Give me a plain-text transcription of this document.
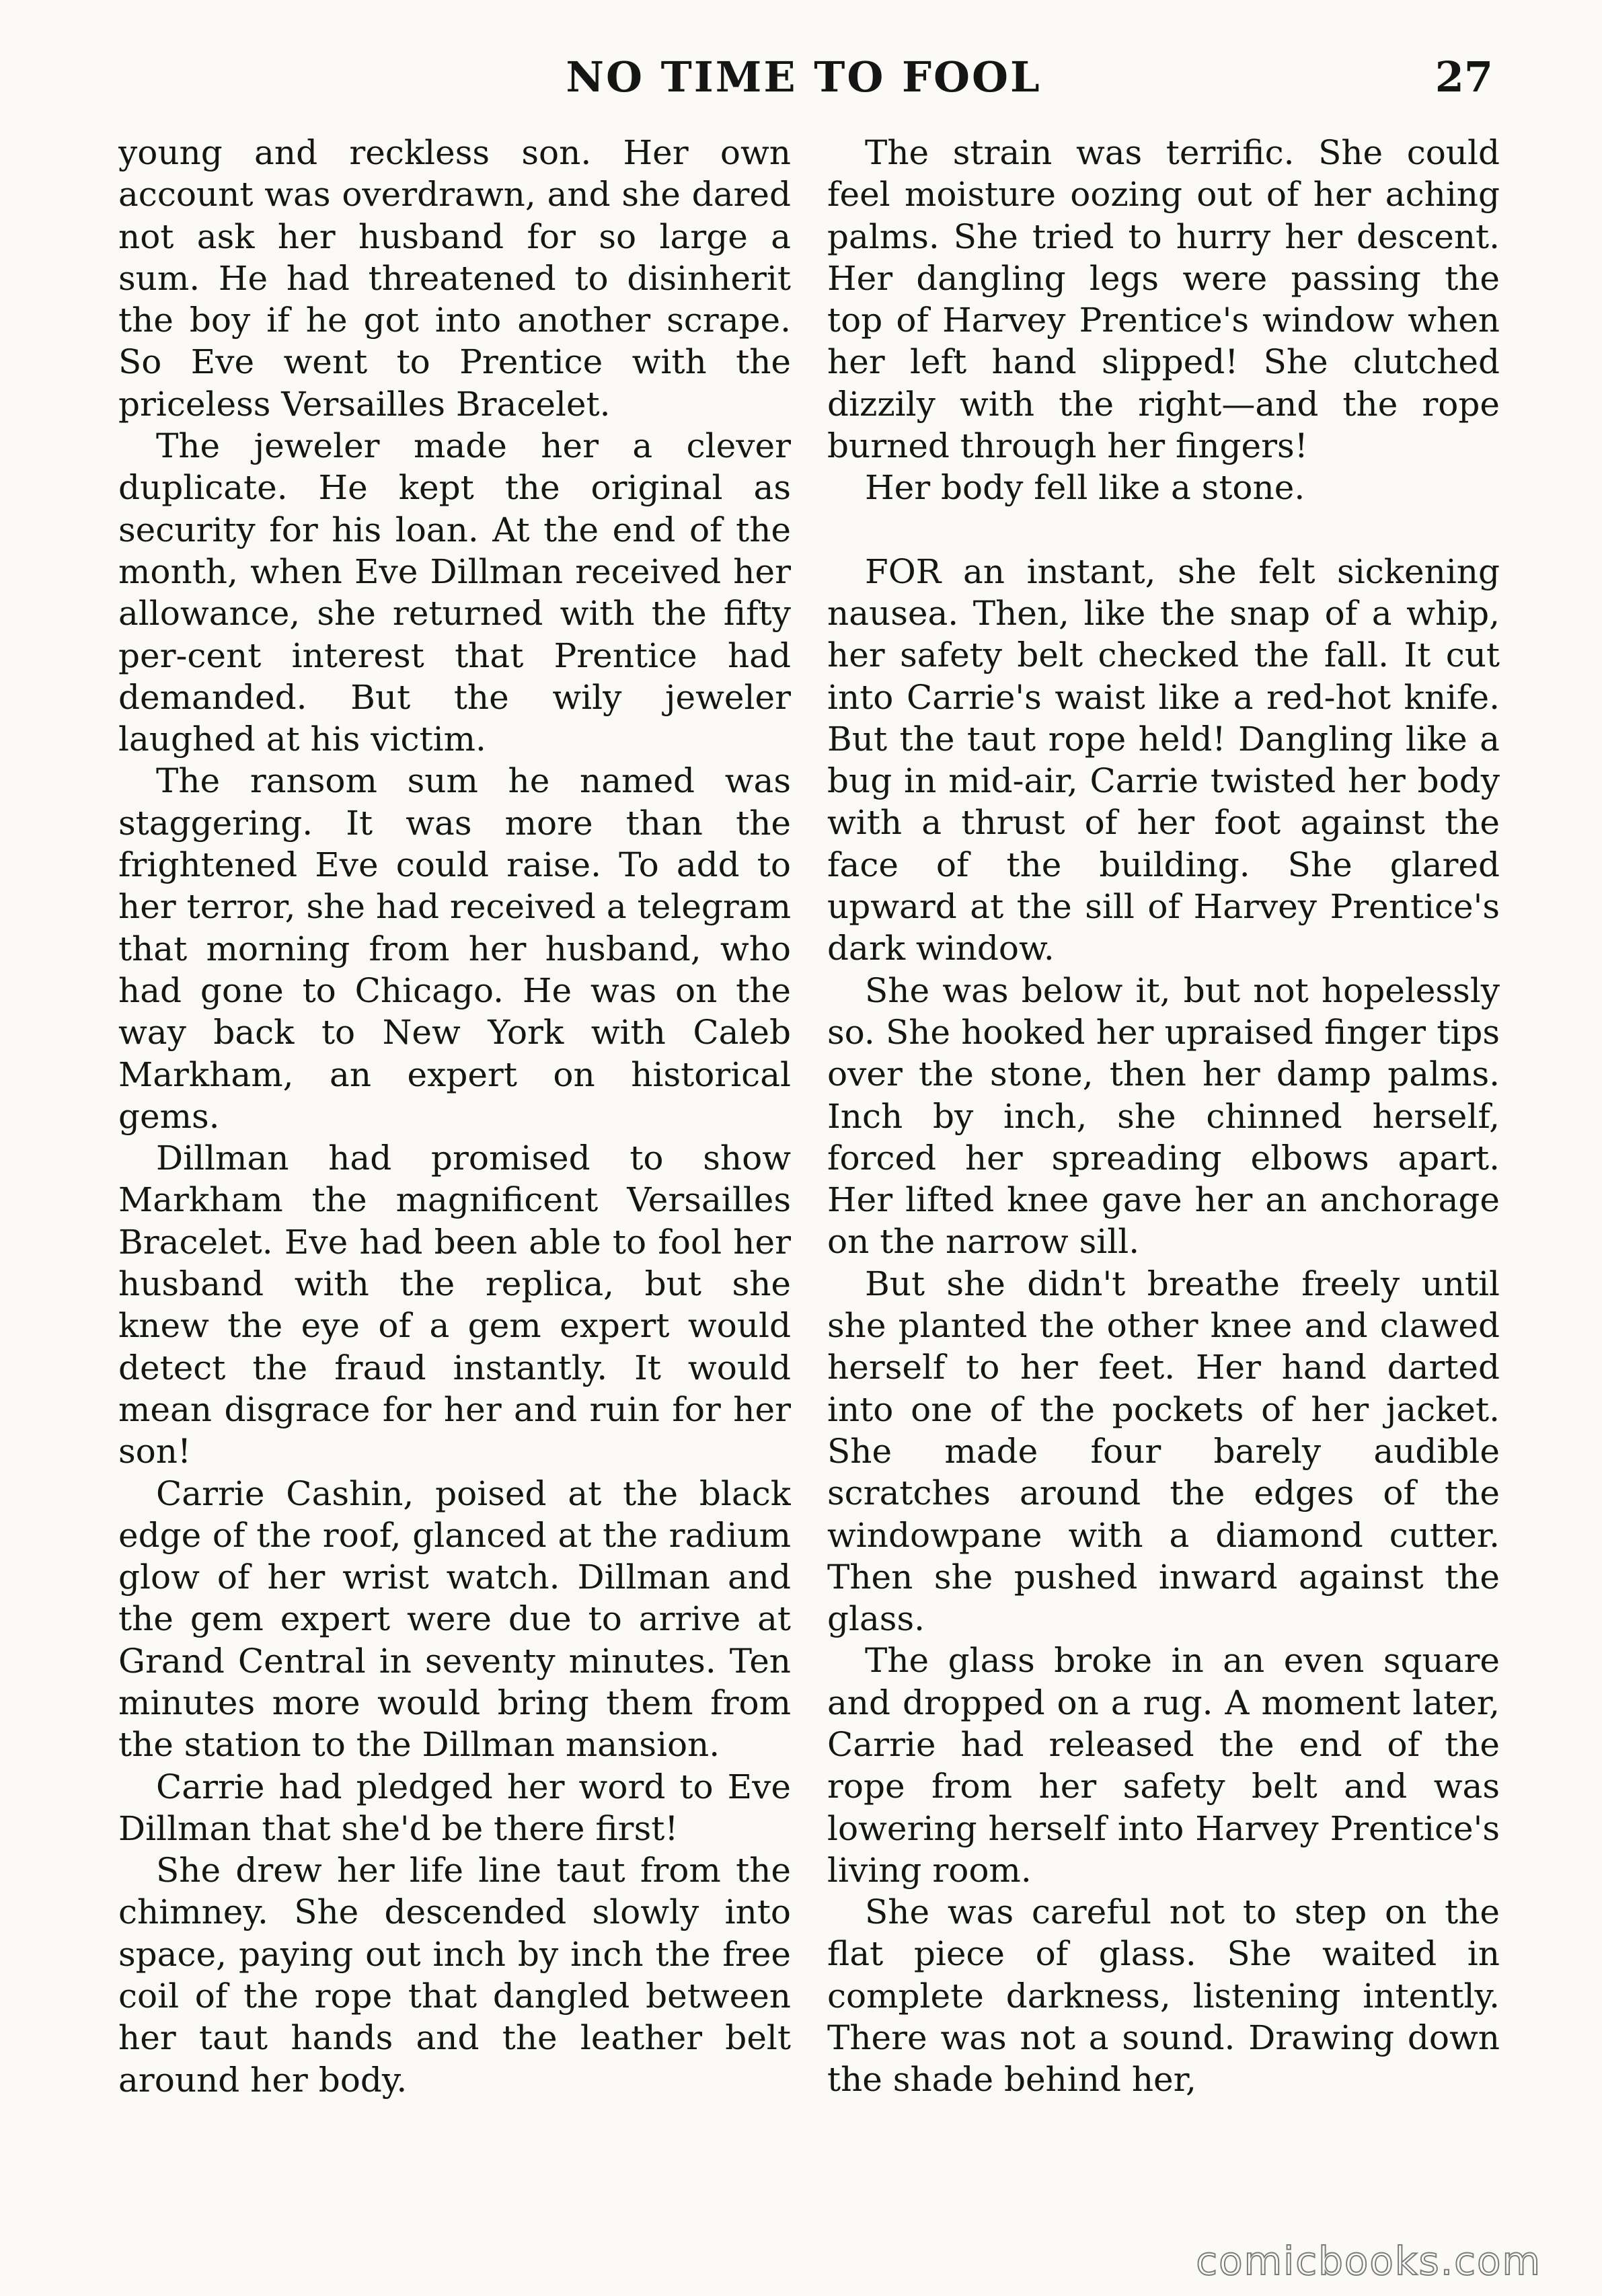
NO TIME TO FOOL	27

young and reckless son. Her own account was overdrawn, and she dared not ask her husband for so large a sum. He had threatened to disinherit the boy if he got into another scrape. So Eve went to Prentice with the priceless Versailles Bracelet.

The jeweler made her a clever duplicate. He kept the original as security for his loan. At the end of the month, when Eve Dillman received her allowance, she returned with the fifty per-cent interest that Prentice had demanded. But the wily jeweler laughed at his victim.

The ransom sum he named was staggering. It was more than the frightened Eve could raise. To add to her terror, she had received a telegram that morning from her husband, who had gone to Chicago. He was on the way back to New York with Caleb Markham, an expert on historical gems.

Dillman had promised to show Markham the magnificent Versailles Bracelet. Eve had been able to fool her husband with the replica, but she knew the eye of a gem expert would detect the fraud instantly. It would mean disgrace for her and ruin for her son!

Carrie Cashin, poised at the black edge of the roof, glanced at the radium glow of her wrist watch. Dillman and the gem expert were due to arrive at Grand Central in seventy minutes. Ten minutes more would bring them from the station to the Dillman mansion.

Carrie had pledged her word to Eve Dillman that she'd be there first!

She drew her life line taut from the chimney. She descended slowly into space, paying out inch by inch the free coil of the rope that dangled between her taut hands and the leather belt around her body.

The strain was terrific. She could feel moisture oozing out of her aching palms. She tried to hurry her descent. Her dangling legs were passing the top of Harvey Prentice's window when her left hand slipped! She clutched dizzily with the right—and the rope burned through her fingers!

Her body fell like a stone.

FOR an instant, she felt sickening nausea. Then, like the snap of a whip, her safety belt checked the fall. It cut into Carrie's waist like a red-hot knife. But the taut rope held! Dangling like a bug in mid-air, Carrie twisted her body with a thrust of her foot against the face of the building. She glared upward at the sill of Harvey Prentice's dark window.

She was below it, but not hopelessly so. She hooked her upraised finger tips over the stone, then her damp palms. Inch by inch, she chinned herself, forced her spreading elbows apart. Her lifted knee gave her an anchorage on the narrow sill.

But she didn't breathe freely until she planted the other knee and clawed herself to her feet. Her hand darted into one of the pockets of her jacket. She made four barely audible scratches around the edges of the windowpane with a diamond cutter. Then she pushed inward against the glass.

The glass broke in an even square and dropped on a rug. A moment later, Carrie had released the end of the rope from her safety belt and was lowering herself into Harvey Prentice's living room.

She was careful not to step on the flat piece of glass. She waited in complete darkness, listening intently. There was not a sound. Drawing down the shade behind her,

comicbooks.com
